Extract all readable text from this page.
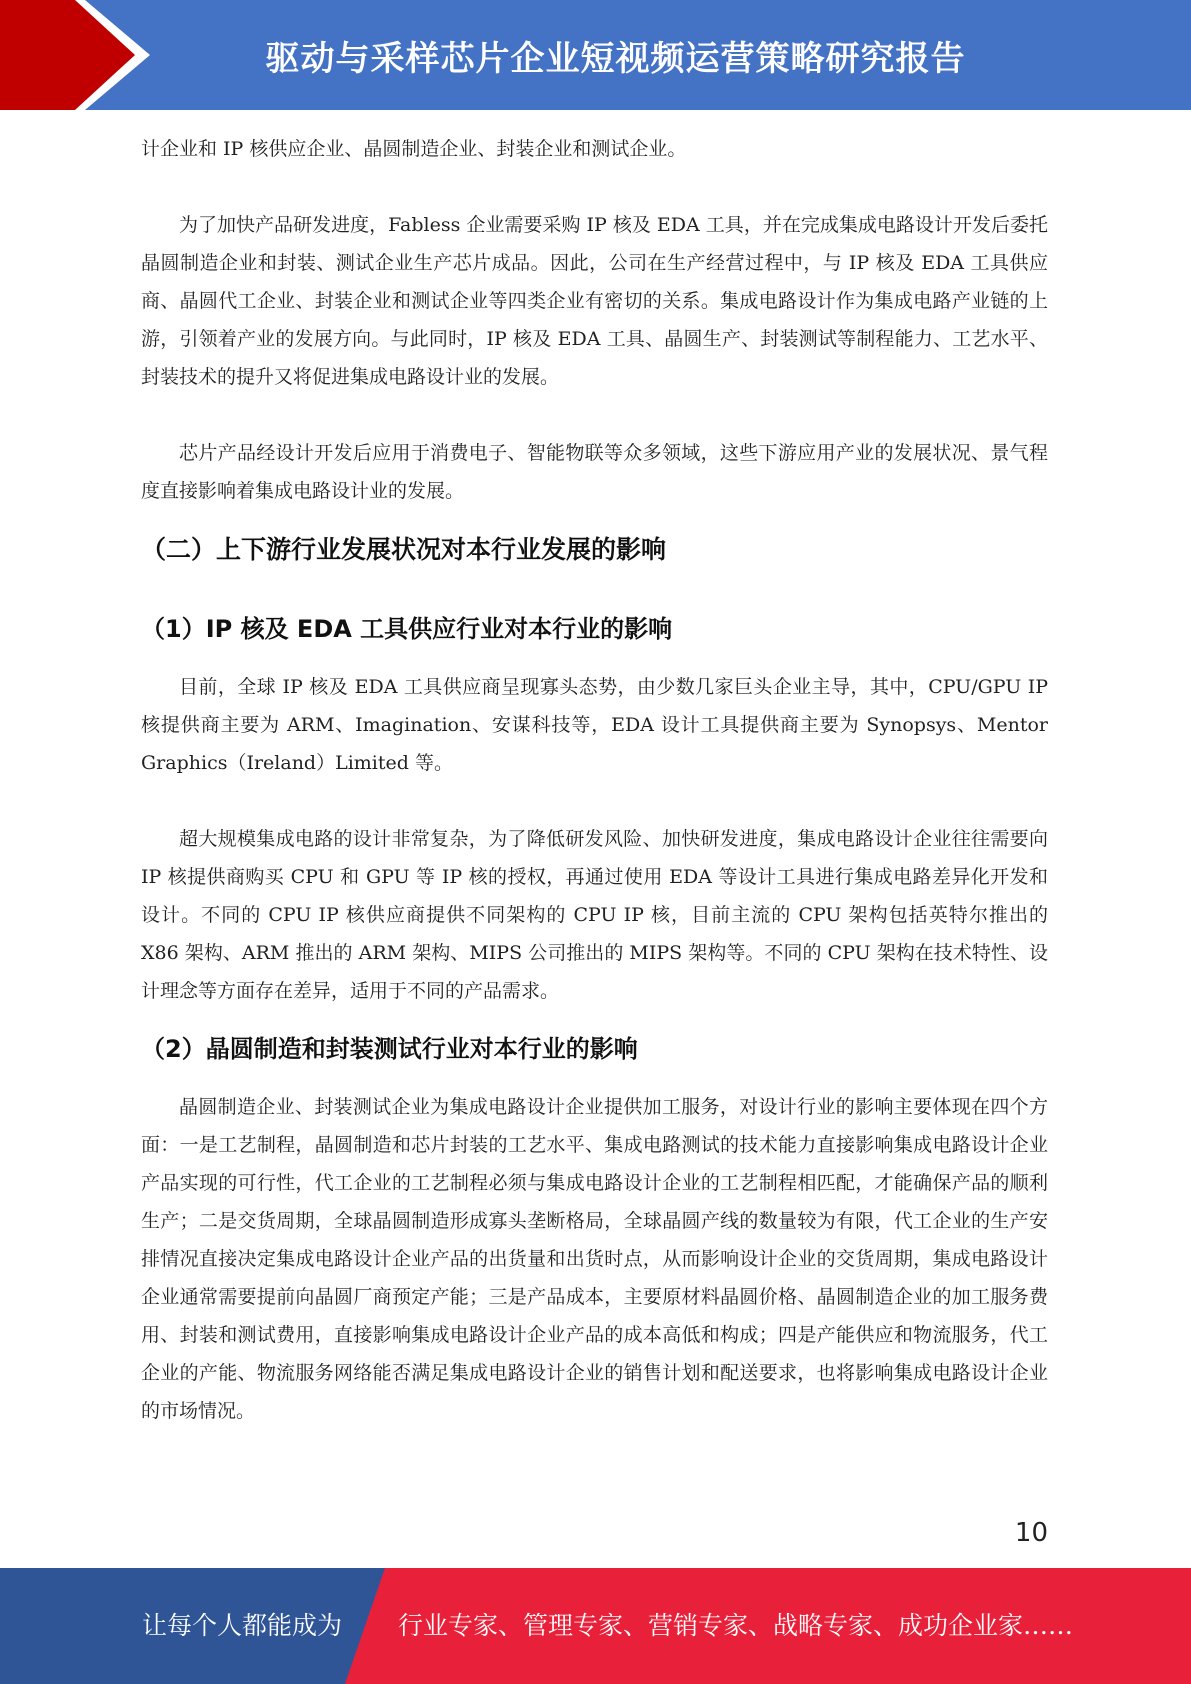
驱动与采样芯片企业短视频运营策略研究报告

计企业和 IP 核供应企业、晶圆制造企业、封装企业和测试企业。

为了加快产品研发进度，Fabless 企业需要采购 IP 核及 EDA 工具，并在完成集成电路设计开发后委托晶圆制造企业和封装、测试企业生产芯片成品。因此，公司在生产经营过程中，与 IP 核及 EDA 工具供应商、晶圆代工企业、封装企业和测试企业等四类企业有密切的关系。集成电路设计作为集成电路产业链的上游，引领着产业的发展方向。与此同时，IP 核及 EDA 工具、晶圆生产、封装测试等制程能力、工艺水平、封装技术的提升又将促进集成电路设计业的发展。

芯片产品经设计开发后应用于消费电子、智能物联等众多领域，这些下游应用产业的发展状况、景气程度直接影响着集成电路设计业的发展。

（二）上下游行业发展状况对本行业发展的影响
（1）IP 核及 EDA 工具供应行业对本行业的影响

目前，全球 IP 核及 EDA 工具供应商呈现寡头态势，由少数几家巨头企业主导，其中，CPU/GPU IP 核提供商主要为 ARM、Imagination、安谋科技等，EDA 设计工具提供商主要为 Synopsys、Mentor Graphics（Ireland）Limited 等。

超大规模集成电路的设计非常复杂，为了降低研发风险、加快研发进度，集成电路设计企业往往需要向 IP 核提供商购买 CPU 和 GPU 等 IP 核的授权，再通过使用 EDA 等设计工具进行集成电路差异化开发和设计。不同的 CPU IP 核供应商提供不同架构的 CPU IP 核，目前主流的 CPU 架构包括英特尔推出的 X86 架构、ARM 推出的 ARM 架构、MIPS 公司推出的 MIPS 架构等。不同的 CPU 架构在技术特性、设计理念等方面存在差异，适用于不同的产品需求。

（2）晶圆制造和封装测试行业对本行业的影响

晶圆制造企业、封装测试企业为集成电路设计企业提供加工服务，对设计行业的影响主要体现在四个方面：一是工艺制程，晶圆制造和芯片封装的工艺水平、集成电路测试的技术能力直接影响集成电路设计企业产品实现的可行性，代工企业的工艺制程必须与集成电路设计企业的工艺制程相匹配，才能确保产品的顺利生产；二是交货周期，全球晶圆制造形成寡头垄断格局，全球晶圆产线的数量较为有限，代工企业的生产安排情况直接决定集成电路设计企业产品的出货量和出货时点，从而影响设计企业的交货周期，集成电路设计企业通常需要提前向晶圆厂商预定产能；三是产品成本，主要原材料晶圆价格、晶圆制造企业的加工服务费用、封装和测试费用，直接影响集成电路设计企业产品的成本高低和构成；四是产能供应和物流服务，代工企业的产能、物流服务网络能否满足集成电路设计企业的销售计划和配送要求，也将影响集成电路设计企业的市场情况。

10
让每个人都能成为 行业专家、管理专家、营销专家、战略专家、成功企业家……
